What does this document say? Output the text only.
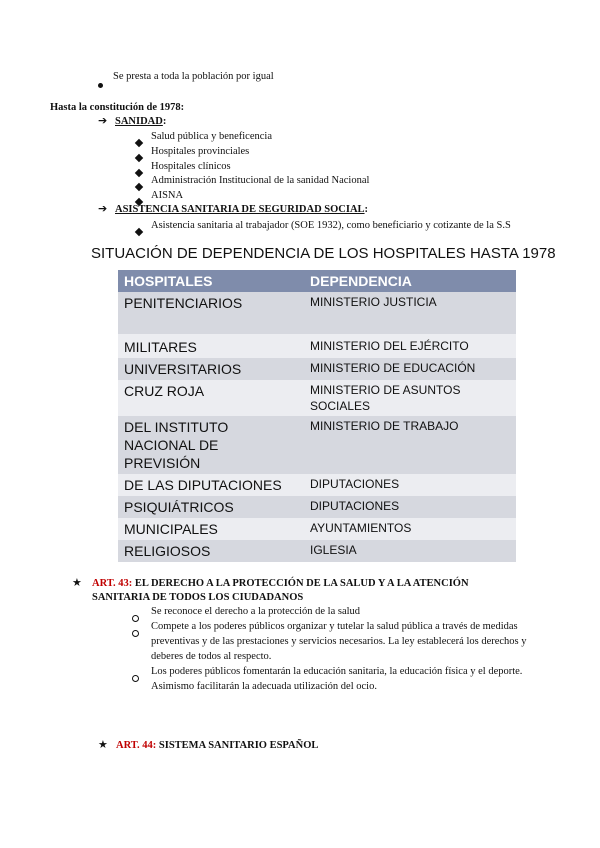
Se presta a toda la población por igual
Hasta la constitución de 1978:
➔ SANIDAD:
Salud pública y beneficencia
Hospitales provinciales
Hospitales clínicos
Administración Institucional de la sanidad Nacional
AISNA
➔ ASISTENCIA SANITARIA DE SEGURIDAD SOCIAL:
Asistencia sanitaria al trabajador (SOE 1932), como beneficiario y cotizante de la S.S
SITUACIÓN DE DEPENDENCIA DE LOS HOSPITALES HASTA 1978
HOSPITALES	DEPENDENCIA
PENITENCIARIOS	MINISTERIO JUSTICIA
MILITARES	MINISTERIO DEL EJÉRCITO
UNIVERSITARIOS	MINISTERIO DE EDUCACIÓN
CRUZ ROJA	MINISTERIO DE ASUNTOS SOCIALES
DEL INSTITUTO NACIONAL DE PREVISIÓN	MINISTERIO DE TRABAJO
DE LAS DIPUTACIONES	DIPUTACIONES
PSIQUIÁTRICOS	DIPUTACIONES
MUNICIPALES	AYUNTAMIENTOS
RELIGIOSOS	IGLESIA
★ ART. 43: EL DERECHO A LA PROTECCIÓN DE LA SALUD Y A LA ATENCIÓN
SANITARIA DE TODOS LOS CIUDADANOS
Se reconoce el derecho a la protección de la salud
Compete a los poderes públicos organizar y tutelar la salud pública a través de medidas
preventivas y de las prestaciones y servicios necesarios. La ley establecerá los derechos y
deberes de todos al respecto.
Los poderes públicos fomentarán la educación sanitaria, la educación física y el deporte.
Asimismo facilitarán la adecuada utilización del ocio.
★ ART. 44: SISTEMA SANITARIO ESPAÑOL
